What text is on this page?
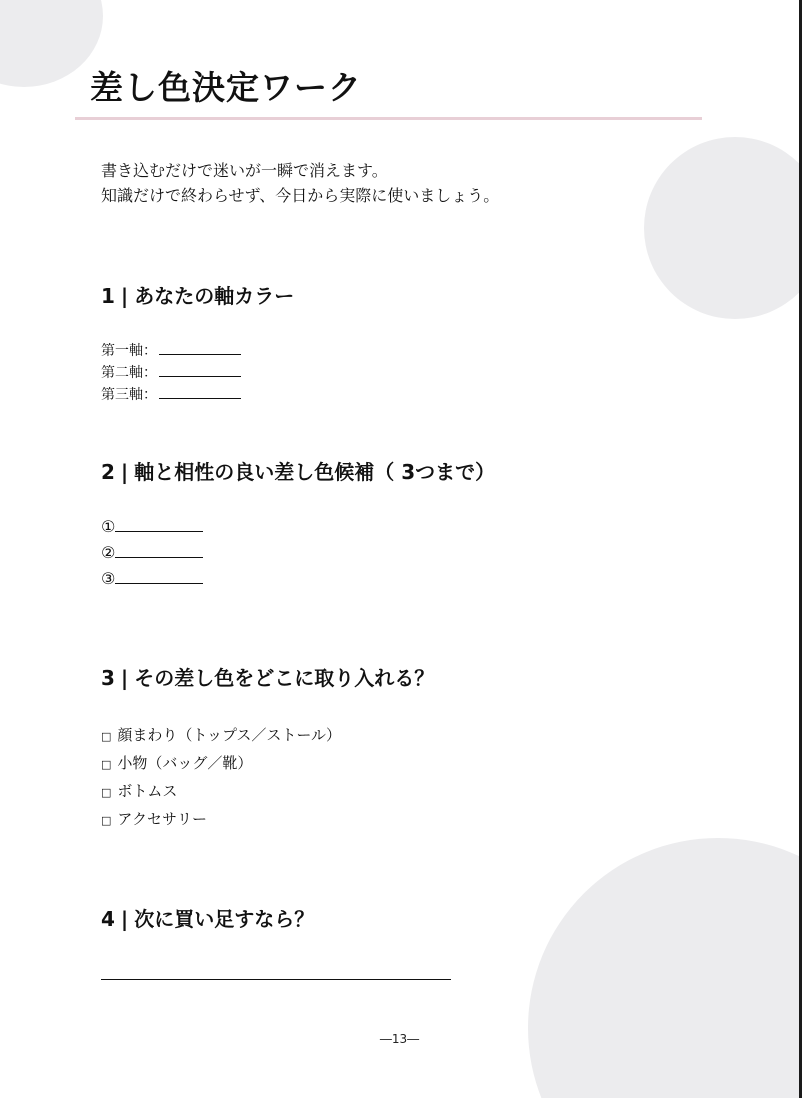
差し色決定ワーク
書き込むだけで迷いが一瞬で消えます。
知識だけで終わらせず、今日から実際に使いましょう。
1 | あなたの軸カラー
第一軸：
第二軸：
第三軸：
2 | 軸と相性の良い差し色候補（ 3つまで）
①
②
③
3 | その差し色をどこに取り入れる？
□ 顔まわり（トップス／ストール）
□ 小物（バッグ／靴）
□ ボトムス
□ アクセサリー
4 | 次に買い足すなら？
―13―
